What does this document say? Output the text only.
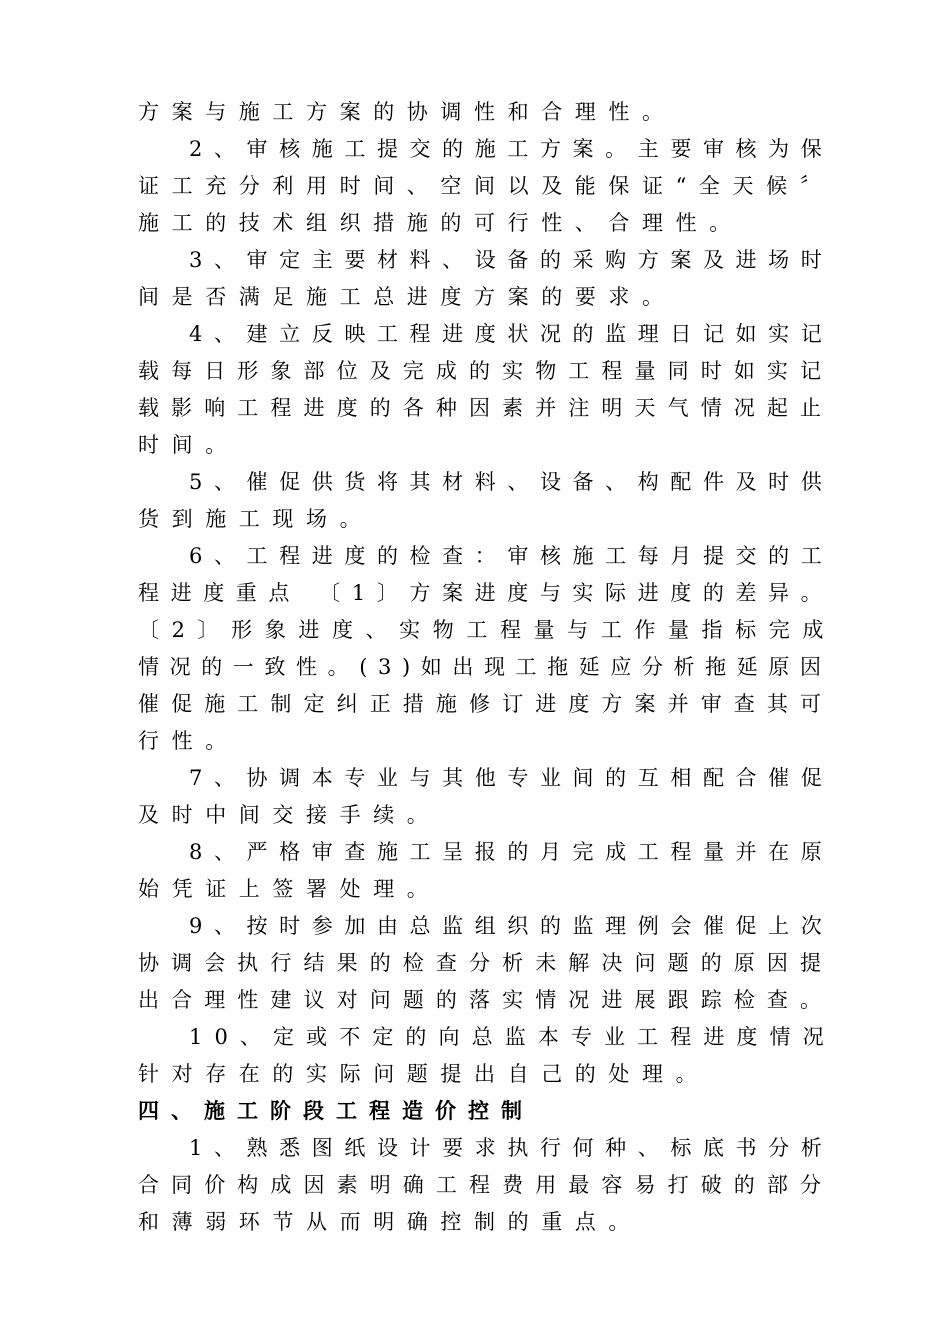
方案与施工方案的协调性和合理性。
2、审核施工提交的施工方案。主要审核为保
证工充分利用时间、空间以及能保证“全天候〞
施工的技术组织措施的可行性、合理性。
3、审定主要材料、设备的采购方案及进场时
间是否满足施工总进度方案的要求。
4、建立反映工程进度状况的监理日记如实记
载每日形象部位及完成的实物工程量同时如实记
载影响工程进度的各种因素并注明天气情况起止
时间。
5、催促供货将其材料、设备、构配件及时供
货到施工现场。
6、工程进度的检查：审核施工每月提交的工
程进度重点 〔1〕方案进度与实际进度的差异。
〔2〕形象进度、实物工程量与工作量指标完成
情况的一致性。(3)如出现工拖延应分析拖延原因
催促施工制定纠正措施修订进度方案并审查其可
行性。
7、协调本专业与其他专业间的互相配合催促
及时中间交接手续。
8、严格审查施工呈报的月完成工程量并在原
始凭证上签署处理。
9、按时参加由总监组织的监理例会催促上次
协调会执行结果的检查分析未解决问题的原因提
出合理性建议对问题的落实情况进展跟踪检查。
10、定或不定的向总监本专业工程进度情况
针对存在的实际问题提出自己的处理。
四、施工阶段工程造价控制
1、熟悉图纸设计要求执行何种、标底书分析
合同价构成因素明确工程费用最容易打破的部分
和薄弱环节从而明确控制的重点。
